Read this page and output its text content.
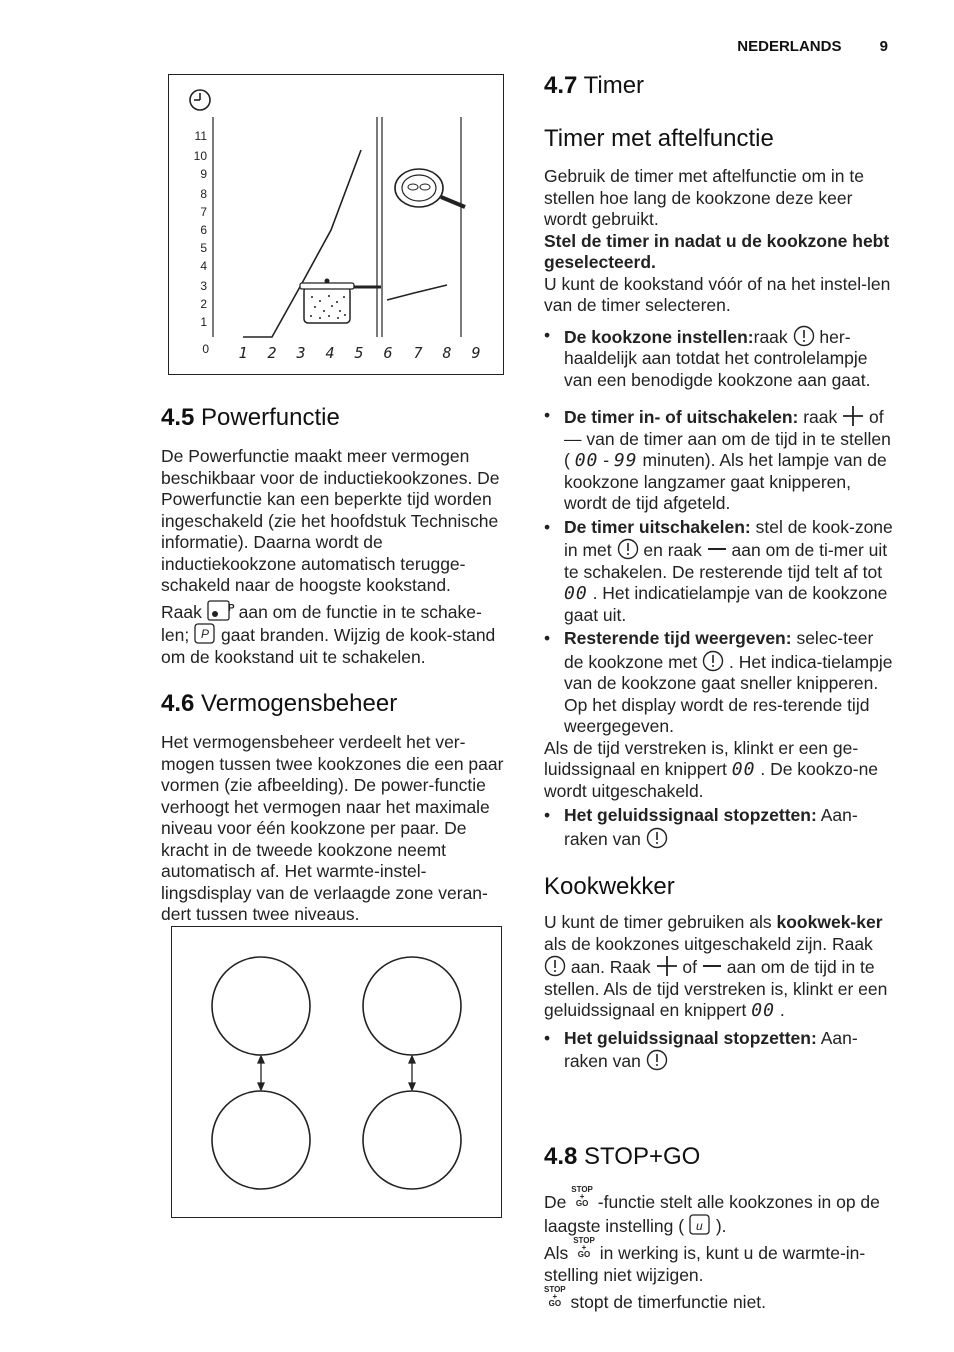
NEDERLANDS	9
11
10
9
8
7
6
5
4
3
2
1
0 1 2 3 4 5 6 7 8 9
4.5 Powerfunctie

De Powerfunctie maakt meer vermogen beschikbaar voor de inductiekookzones. De Powerfunctie kan een beperkte tijd worden ingeschakeld (zie het hoofdstuk Technische informatie). Daarna wordt de inductiekookzone automatisch terugge-schakeld naar de hoogste kookstand.

Raak	P aan om de functie in te schake-len; P gaat branden. Wijzig de kook-stand om de kookstand uit te schakelen.

4.6 Vermogensbeheer

Het vermogensbeheer verdeelt het ver-mogen tussen twee kookzones die een paar vormen (zie afbeelding). De power-functie verhoogt het vermogen naar het maximale niveau voor één kookzone per paar. De kracht in de tweede kookzone neemt automatisch af. Het warmte-instel-lingsdisplay van de verlaagde zone veran-dert tussen twee niveaus.

4.7 Timer
Timer met aftelfunctie

Gebruik de timer met aftelfunctie om in te stellen hoe lang de kookzone deze keer wordt gebruikt.

Stel de timer in nadat u de kookzone hebt geselecteerd.

U kunt de kookstand vóór of na het instel-len van de timer selecteren.

• De kookzone instellen:raak her-haaldelijk aan totdat het controlelampje van een benodigde kookzone aan gaat.
• De timer in- of uitschakelen: raak of — van de timer aan om de tijd in te stellen ( 00 - 99 minuten). Als het lampje van de kookzone langzamer gaat knipperen, wordt de tijd afgeteld.
• De timer uitschakelen: stel de kook-zone in met en raak aan om de ti-mer uit te schakelen. De resterende tijd telt af tot 00 . Het indicatielampje van de kookzone gaat uit.
• Resterende tijd weergeven: selec-teer de kookzone met . Het indica-tielampje van de kookzone gaat sneller knipperen. Op het display wordt de res-terende tijd weergegeven.

Als de tijd verstreken is, klinkt er een ge-luidssignaal en knippert 00 . De kookzo-ne wordt uitgeschakeld.

• Het geluidssignaal stopzetten: Aan-raken van
Kookwekker

U kunt de timer gebruiken als kookwek-ker als de kookzones uitgeschakeld zijn. Raak  aan. Raak of aan om de tijd in te stellen. Als de tijd verstreken is, klinkt er een geluidssignaal en knippert 00 .

• Het geluidssignaal stopzetten: Aan-raken van
4.8 STOP+GO

De STOP
+
GO -functie stelt alle kookzones in op de laagste instelling ( u ).

Als STOP
+
GO in werking is, kunt u de warmte-in-stelling niet wijzigen.

STOP
+
GO stopt de timerfunctie niet.
